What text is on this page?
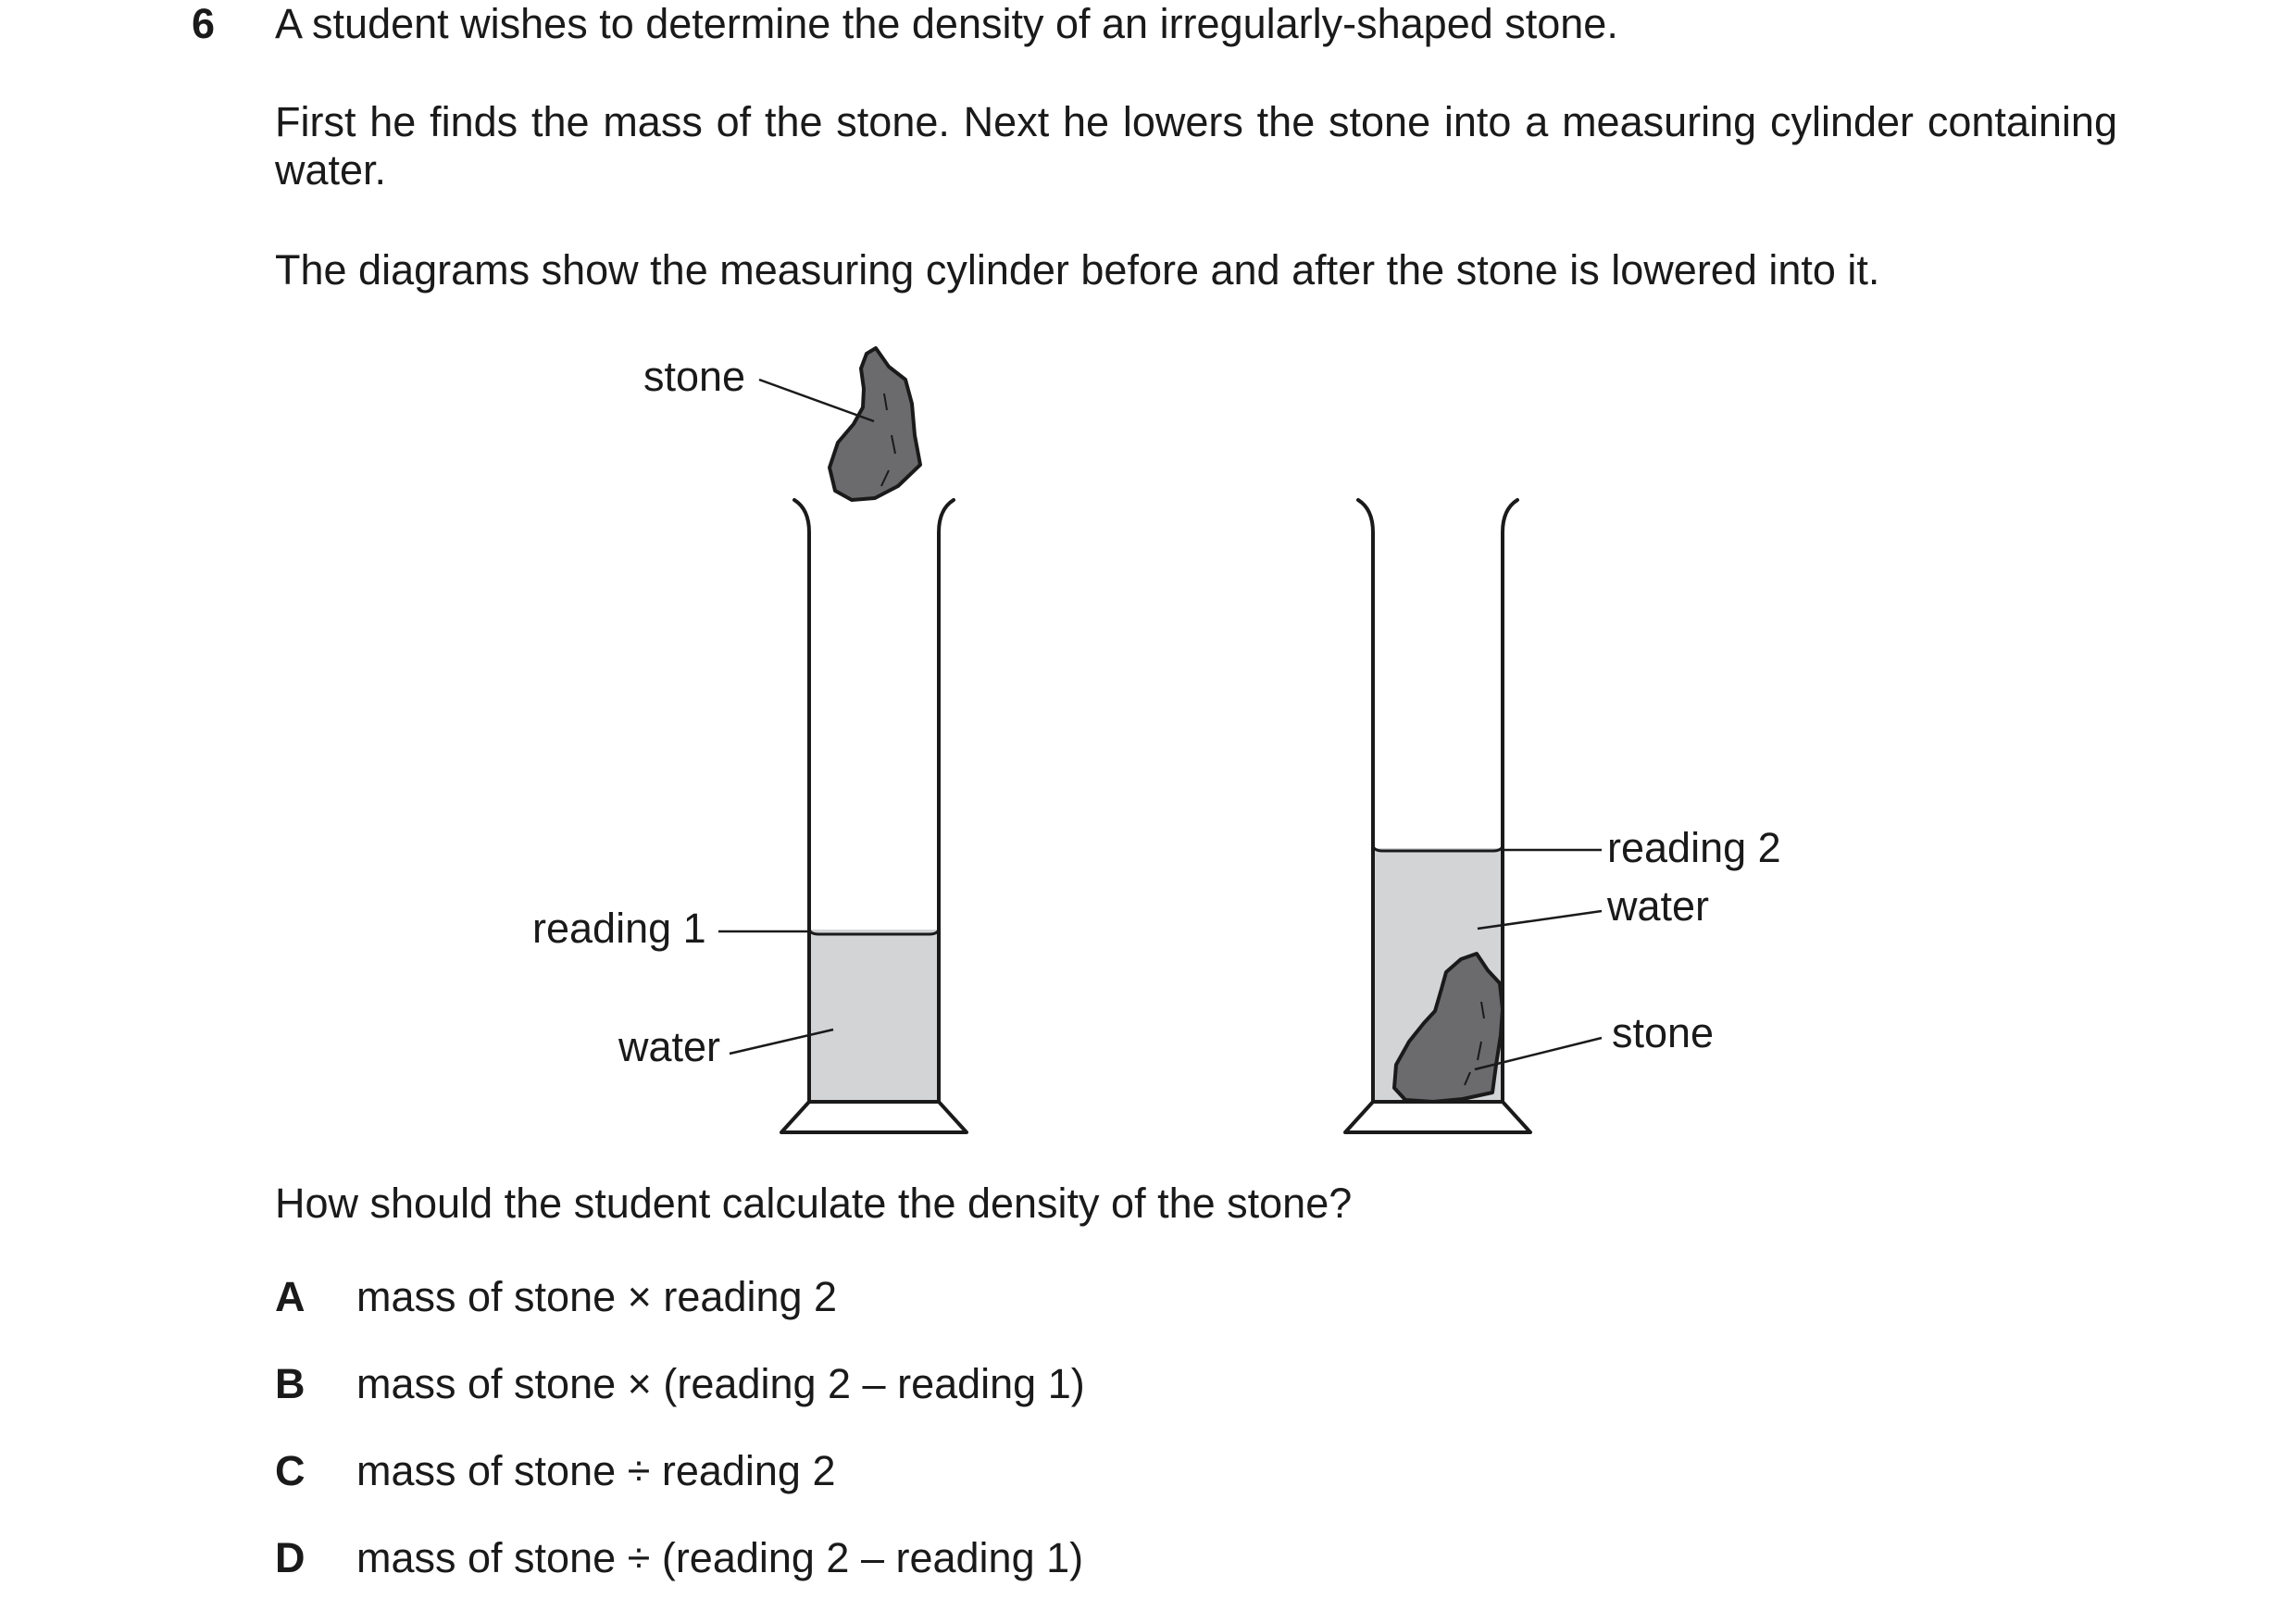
6 A student wishes to determine the density of an irregularly-shaped stone.

First he finds the mass of the stone. Next he lowers the stone into a measuring cylinder containing water.

The diagrams show the measuring cylinder before and after the stone is lowered into it.

stone
reading 1
water
reading 2
water
stone

How should the student calculate the density of the stone?

A mass of stone × reading 2
B mass of stone × (reading 2 – reading 1)
C mass of stone ÷ reading 2
D mass of stone ÷ (reading 2 – reading 1)
